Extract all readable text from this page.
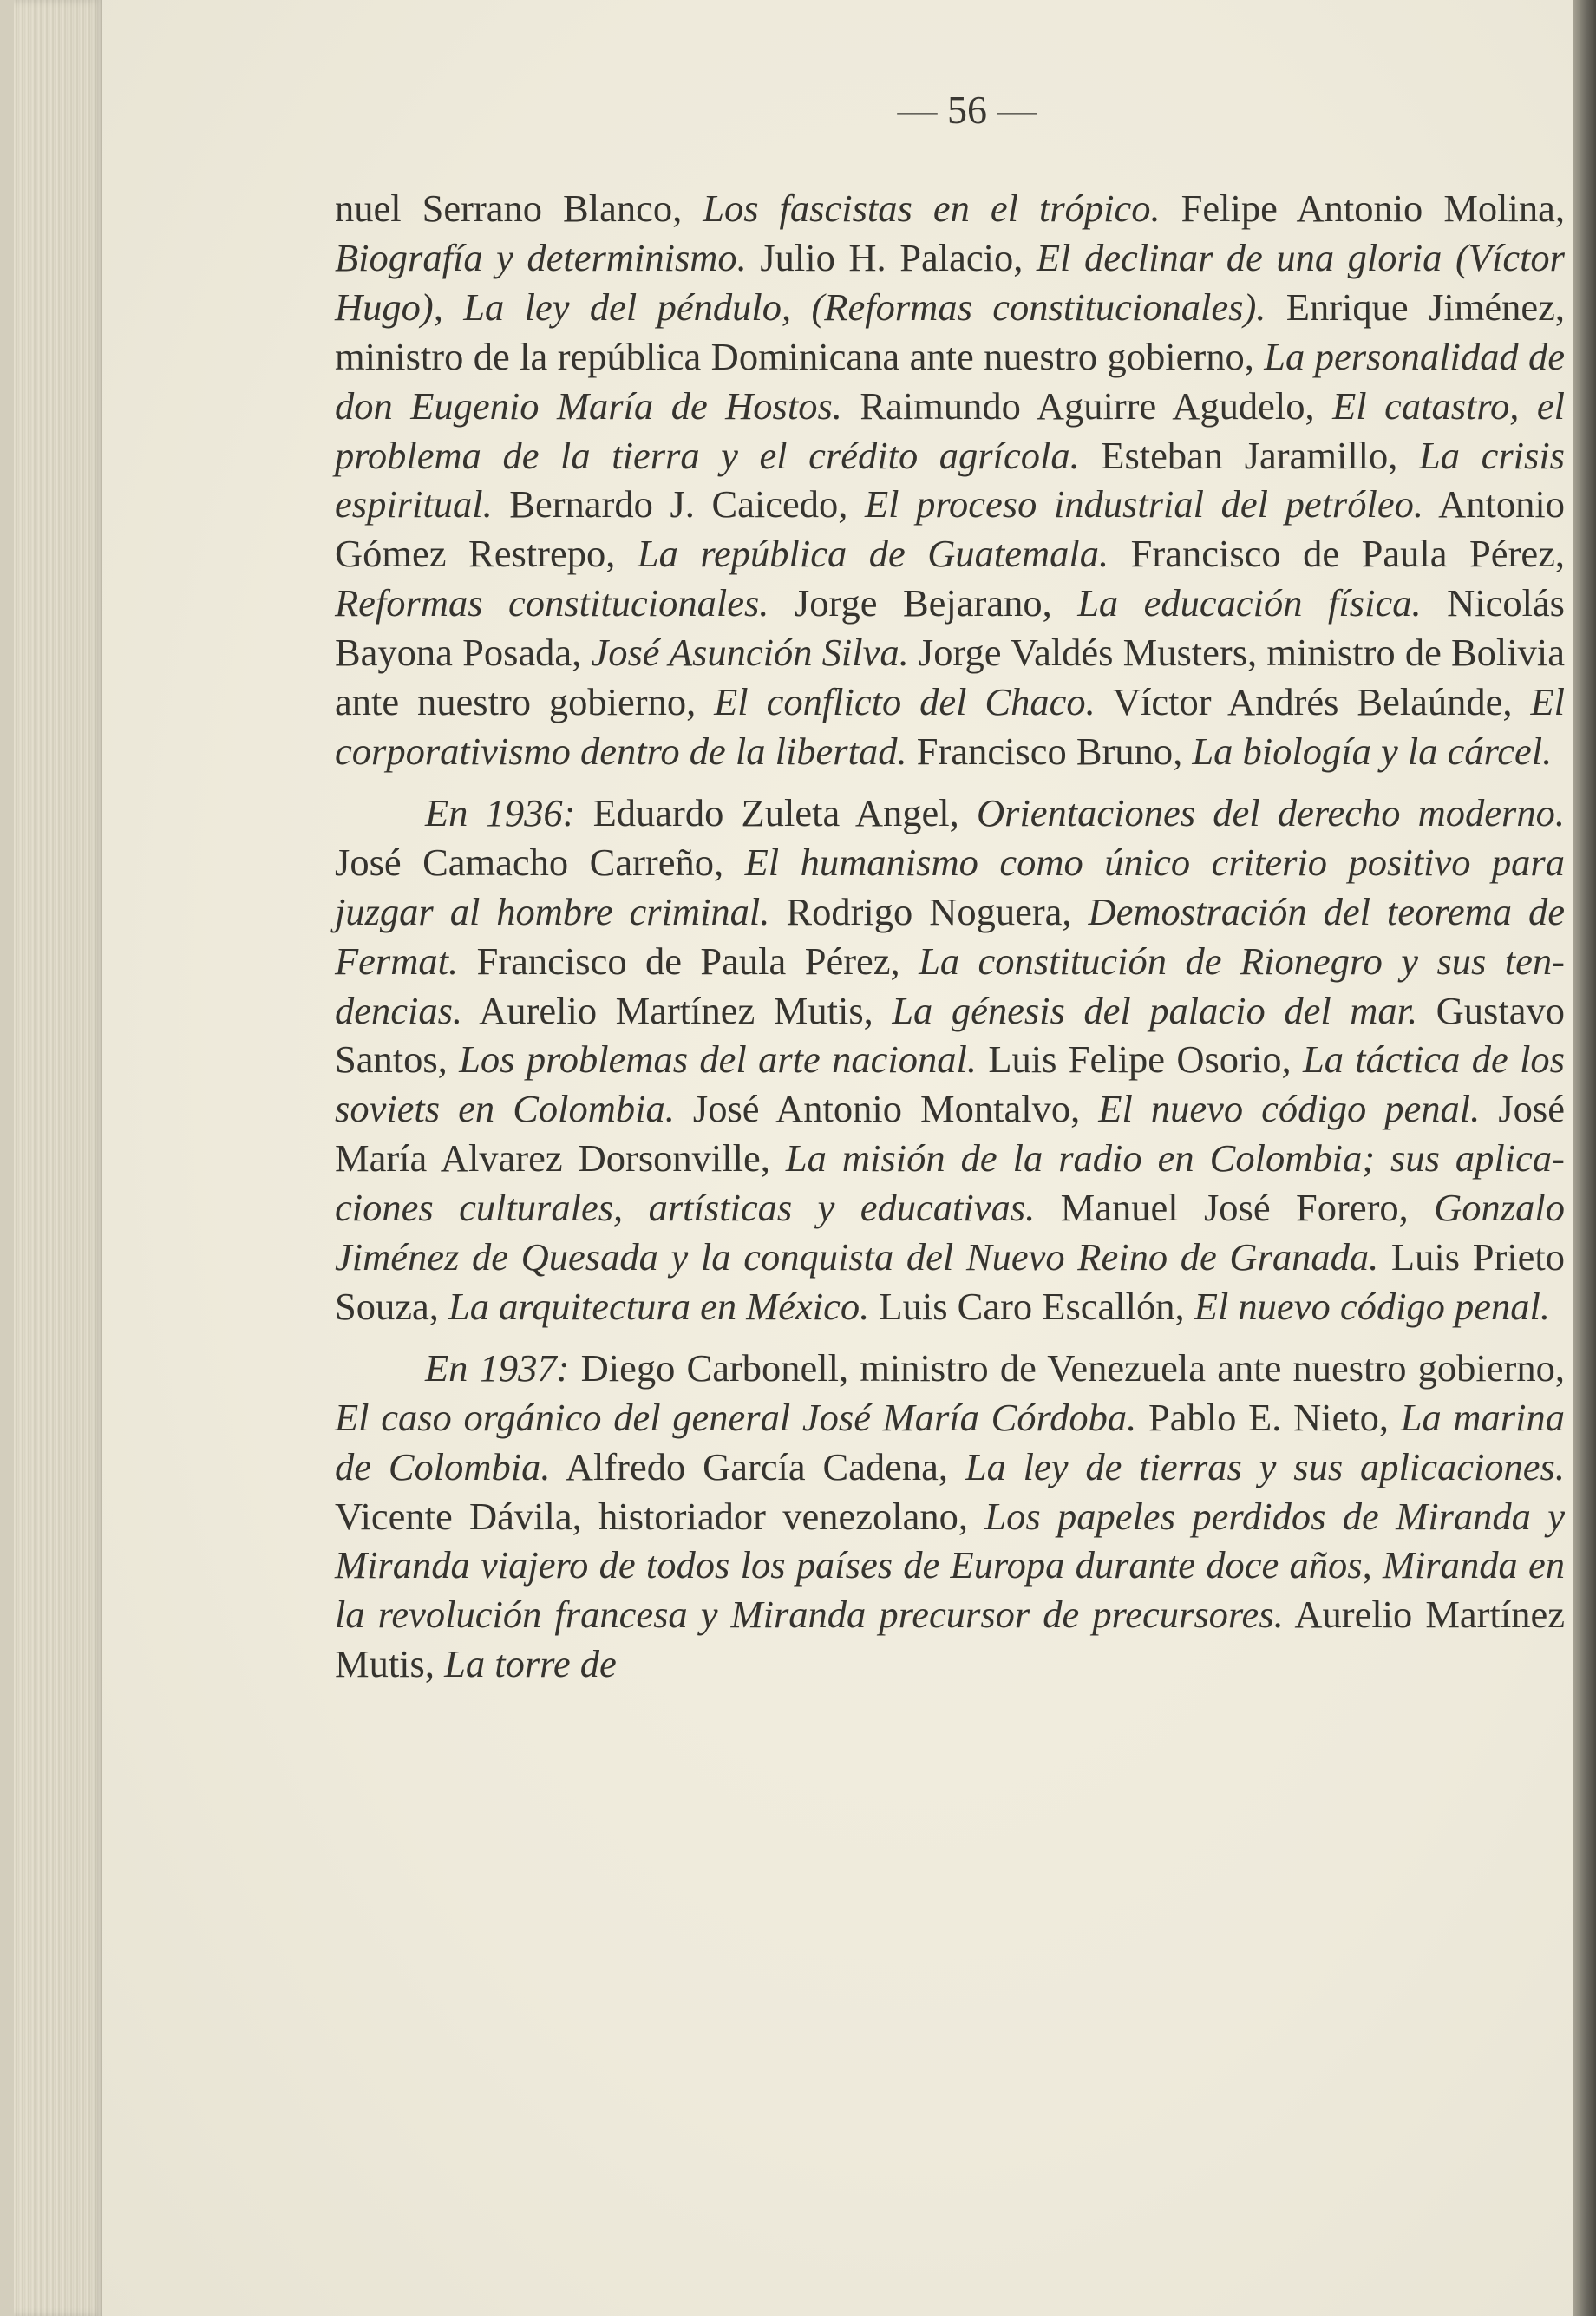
— 56 —

nuel Serrano Blanco, Los fascistas en el trópico. Felipe Antonio Molina, Biografía y determinismo. Julio H. Palacio, El declinar de una gloria (Víctor Hugo), La ley del péndulo, (Reformas constitucionales). Enrique Jiménez, ministro de la república Dominicana ante nuestro gobierno, La personalidad de don Eugenio María de Hostos. Raimundo Aguirre Agudelo, El catastro, el problema de la tierra y el crédito agrícola. Esteban Jaramillo, La crisis espiritual. Bernardo J. Caicedo, El proceso industrial del petróleo. Antonio Gómez Restrepo, La república de Guatemala. Francisco de Paula Pérez, Reformas constitucionales. Jorge Bejarano, La educación física. Nicolás Bayona Posada, José Asunción Silva. Jorge Valdés Musters, ministro de Bolivia ante nuestro gobierno, El conflicto del Chaco. Víctor Andrés Belaúnde, El corporativismo dentro de la libertad. Francisco Bruno, La biología y la cárcel.

En 1936: Eduardo Zuleta Angel, Orientaciones del derecho moderno. José Camacho Carreño, El humanismo como único criterio positivo para juzgar al hombre criminal. Rodrigo Noguera, Demostración del teorema de Fermat. Francisco de Paula Pérez, La constitución de Rionegro y sus tendencias. Aurelio Martínez Mutis, La génesis del palacio del mar. Gustavo Santos, Los problemas del arte nacional. Luis Felipe Osorio, La táctica de los soviets en Colombia. José Antonio Montalvo, El nuevo código penal. José María Alvarez Dorsonville, La misión de la radio en Colombia; sus aplicaciones culturales, artísticas y educativas. Manuel José Forero, Gonzalo Jiménez de Quesada y la conquista del Nuevo Reino de Granada. Luis Prieto Souza, La arquitectura en México. Luis Caro Escallón, El nuevo código penal.

En 1937: Diego Carbonell, ministro de Venezuela ante nuestro gobierno, El caso orgánico del general José María Córdoba. Pablo E. Nieto, La marina de Colombia. Alfredo García Cadena, La ley de tierras y sus aplicaciones. Vicente Dávila, historiador venezolano, Los papeles perdidos de Miranda y Miranda viajero de todos los países de Europa durante doce años, Miranda en la revolución francesa y Miranda precursor de precursores. Aurelio Martínez Mutis, La torre de
